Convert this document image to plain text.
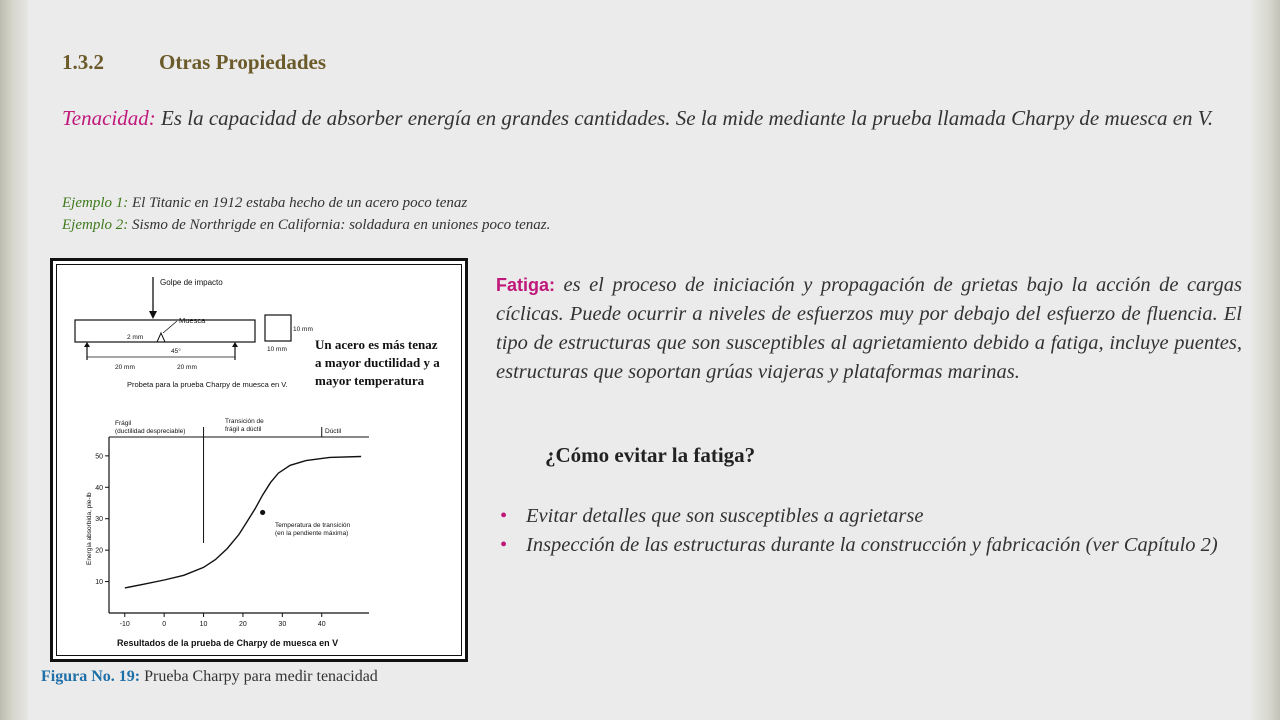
1.3.2	Otras Propiedades
Tenacidad: Es la capacidad de absorber energía en grandes cantidades. Se la mide mediante la prueba llamada Charpy de muesca en V.
Ejemplo 1: El Titanic en 1912 estaba hecho de un acero poco tenaz
Ejemplo 2: Sismo de Northrigde en California: soldadura en uniones poco tenaz.
Golpe de impacto
Muesca
2 mm
45°
20 mm	20 mm
10 mm
10 mm
Probeta para la prueba Charpy de muesca en V.
Un acero es más tenaz
a mayor ductilidad y a
mayor temperatura
Frágil
(ductilidad despreciable)
Transición de
frágil a dúctil	Dúctil
Energía absorbida, pie-lb
-10	0	10	20	30	40
10
20
30
40
50
Temperatura de transición
(en la pendiente máxima)
Resultados de la prueba de Charpy de muesca en V
Figura No. 19: Prueba Charpy para medir tenacidad
Fatiga: es el proceso de iniciación y propagación de grietas bajo la acción de cargas cíclicas. Puede ocurrir a niveles de esfuerzos muy por debajo del esfuerzo de fluencia. El tipo de estructuras que son susceptibles al agrietamiento debido a fatiga, incluye puentes, estructuras que soportan grúas viajeras y plataformas marinas.
¿Cómo evitar la fatiga?
• Evitar detalles que son susceptibles a agrietarse
• Inspección de las estructuras durante la construcción y fabricación (ver Capítulo 2)
